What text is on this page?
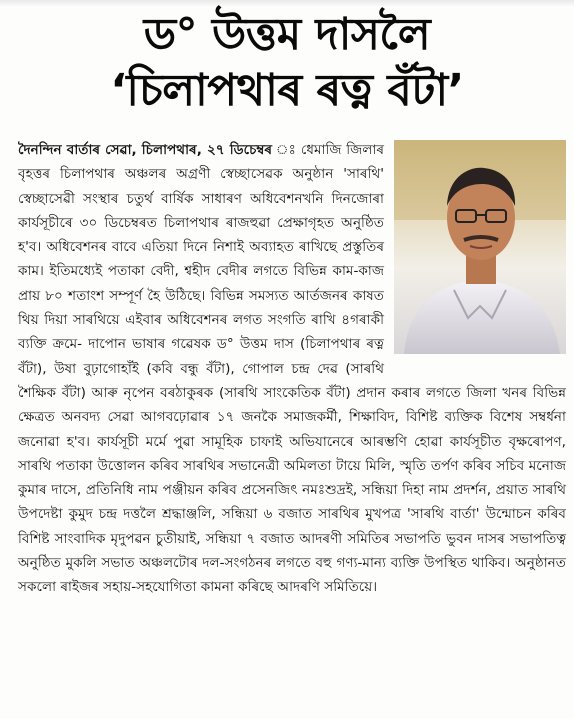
ড° উত্তম দাসলৈ
‘চিলাপথাৰ ৰত্ন বঁটা’

দৈনন্দিন বাৰ্তাৰ সেৱা, চিলাপথাৰ, ২৭ ডিচেম্বৰ ঃ ধেমাজি জিলাৰ বৃহত্তৰ চিলাপথাৰ অঞ্চলৰ অগ্ৰণী স্বেচ্ছাসেৱক অনুষ্ঠান 'সাৰথি' স্বেচ্ছাসেৱী সংস্থাৰ চতুৰ্থ বাৰ্ষিক সাধাৰণ অধিবেশনখনি দিনজোৰা কাৰ্যসূচীৰে ৩০ ডিচেম্বৰত চিলাপথাৰ ৰাজহুৱা প্ৰেক্ষাগৃহত অনুষ্ঠিত হ'ব। অধিবেশনৰ বাবে এতিয়া দিনে নিশাই অব্যাহত ৰাখিছে প্ৰস্তুতিৰ কাম। ইতিমধ্যেই পতাকা বেদী, শ্বহীদ বেদীৰ লগতে বিভিন্ন কাম-কাজ প্ৰায় ৮০ শতাংশ সম্পূৰ্ণ হৈ উঠিছে। বিভিন্ন সমস্যত আৰ্তজনৰ কাষত থিয় দিয়া সাৰথিয়ে এইবাৰ অধিবেশনৰ লগত সংগতি ৰাখি ৪গৰাকী ব্যক্তি ক্ৰমে- দাপোন ভাষাৰ গৱেষক ড° উত্তম দাস (চিলাপথাৰ ৰত্ন বঁটা), উষা বুঢ়াগোহাঁই (কবি বন্ধু বঁটা), গোপাল চন্দ্ৰ দেৱ (সাৰথি শৈক্ষিক বঁটা) আৰু নৃপেন বৰঠাকুৰক (সাৰথি সাংকেতিক বঁটা) প্ৰদান কৰাৰ লগতে জিলা খনৰ বিভিন্ন ক্ষেত্ৰত অনবদ্য সেৱা আগবঢ়োৱাৰ ১৭ জনকৈ সমাজকৰ্মী, শিক্ষাবিদ, বিশিষ্ট ব্যক্তিক বিশেষ সম্বৰ্ধনা জনোৱা হ'ব। কাৰ্যসূচী মৰ্মে পুৱা সামূহিক চাফাই অভিযানেৰে আৰম্ভণি হোৱা কাৰ্যসূচীত বৃক্ষৰোপণ, সাৰথি পতাকা উত্তোলন কৰিব সাৰথিৰ সভানেত্ৰী অমিলতা টায়ে মিলি, স্মৃতি তৰ্পণ কৰিব সচিব মনোজ কুমাৰ দাসে, প্ৰতিনিধি নাম পঞ্জীয়ন কৰিব প্ৰসেনজিৎ নমঃশুদ্ৰই, সন্ধিয়া দিহা নাম প্ৰদৰ্শন, প্ৰয়াত সাৰথি উপদেষ্টা কুমুদ চন্দ্ৰ দত্তলৈ শ্ৰদ্ধাঞ্জলি, সন্ধিয়া ৬ বজাত সাৰথিৰ মুখপত্ৰ 'সাৰথি বাৰ্তা' উন্মোচন কৰিব বিশিষ্ট সাংবাদিক মৃদুপৱন চুতীয়াই, সন্ধিয়া ৭ বজাত আদৰণী সমিতিৰ সভাপতি ভুবন দাসৰ সভাপতিত্ব অনুষ্ঠিত মুকলি সভাত অঞ্চলটোৰ দল-সংগঠনৰ লগতে বহু গণ্য-মান্য ব্যক্তি উপস্থিত থাকিব। অনুষ্ঠানত সকলো ৰাইজৰ সহায়-সহযোগিতা কামনা কৰিছে আদৰণি সমিতিয়ে।
